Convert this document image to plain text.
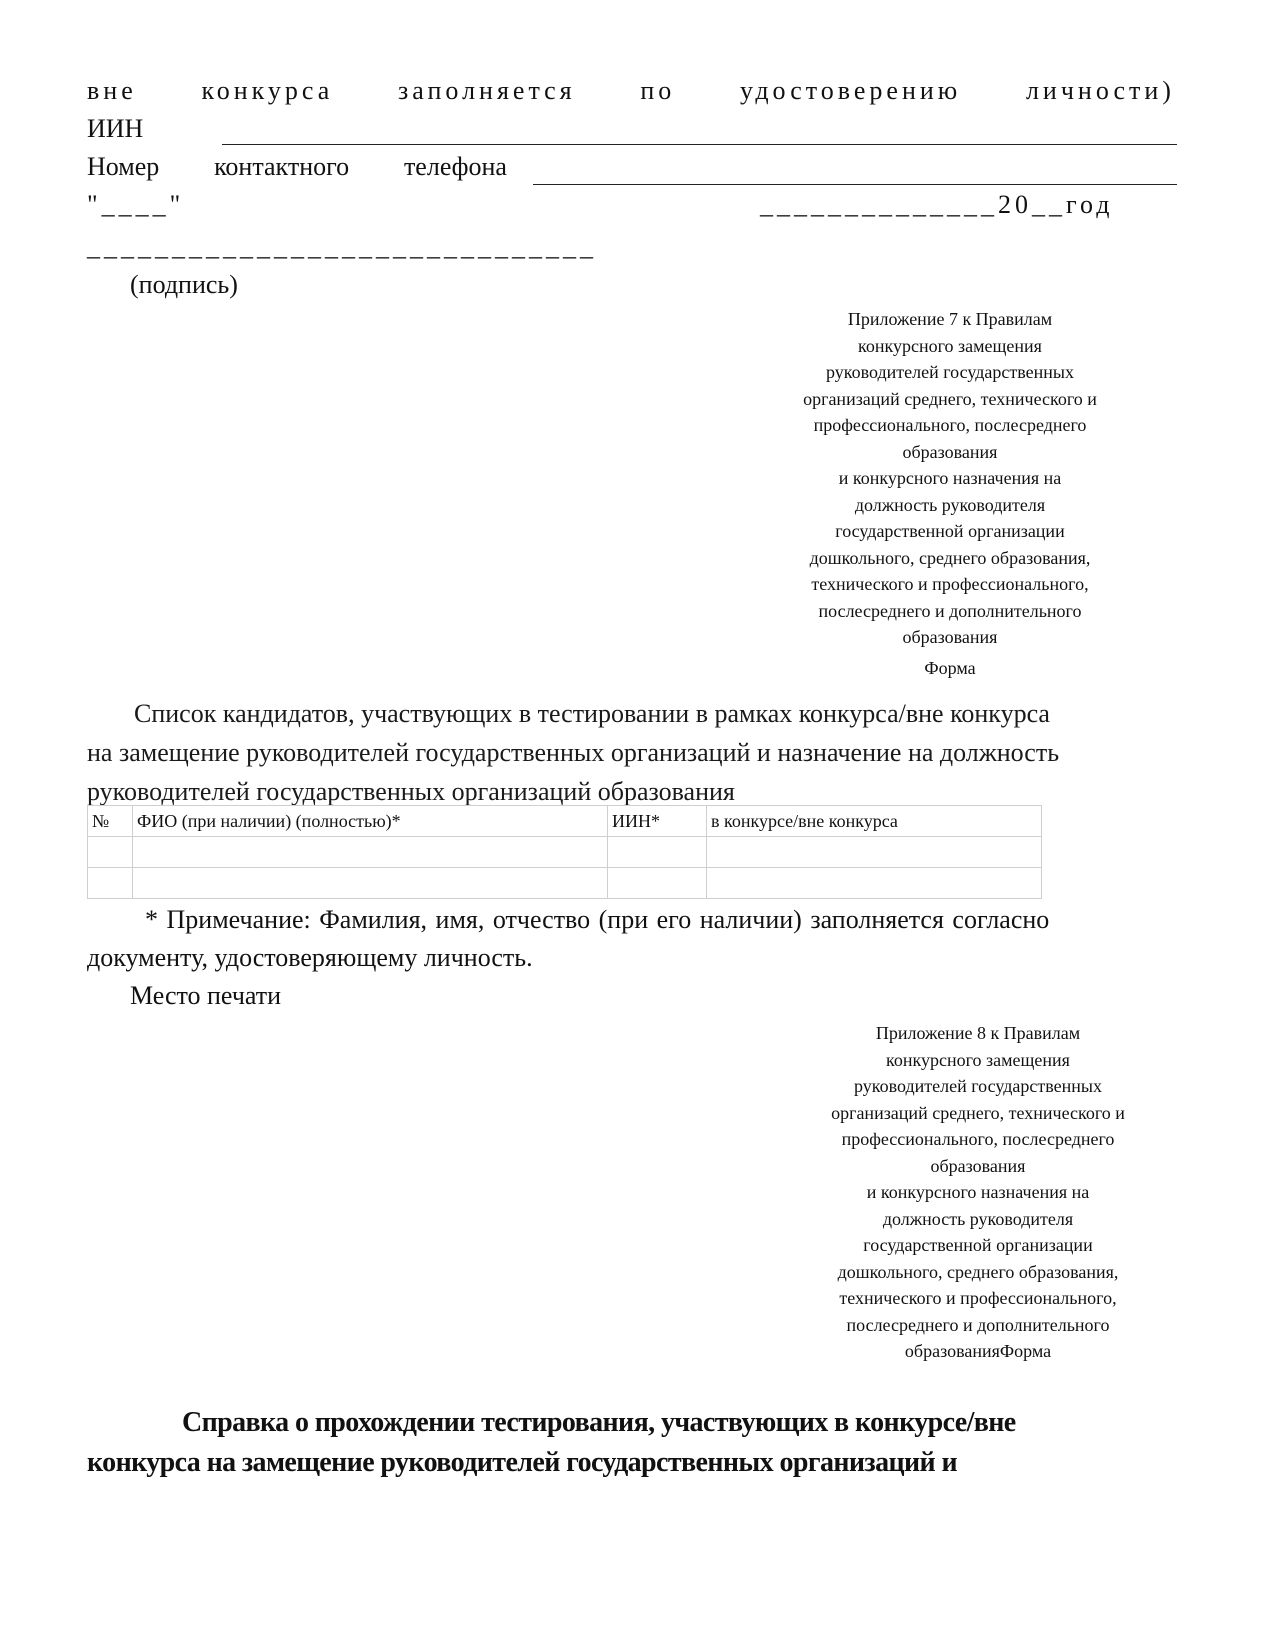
вне конкурса заполняется по удостоверению личности)
ИИН
Номер контактного телефона
"____"	______________20__год
______________________________
(подпись)
Приложение 7 к Правилам
конкурсного замещения
руководителей государственных
организаций среднего, технического и
профессионального, послесреднего
образования
и конкурсного назначения на
должность руководителя
государственной организации
дошкольного, среднего образования,
технического и профессионального,
послесреднего и дополнительного
образования
Форма
Список кандидатов, участвующих в тестировании в рамках конкурса/вне конкурса
на замещение руководителей государственных организаций и назначение на должность
руководителей государственных организаций образования
№	ФИО (при наличии) (полностью)*	ИИН*	в конкурсе/вне конкурса

* Примечание: Фамилия, имя, отчество (при его наличии) заполняется согласно
документу, удостоверяющему личность.
Место печати
Приложение 8 к Правилам
конкурсного замещения
руководителей государственных
организаций среднего, технического и
профессионального, послесреднего
образования
и конкурсного назначения на
должность руководителя
государственной организации
дошкольного, среднего образования,
технического и профессионального,
послесреднего и дополнительного
образованияФорма
Справка о прохождении тестирования, участвующих в конкурсе/вне
конкурса на замещение руководителей государственных организаций и
